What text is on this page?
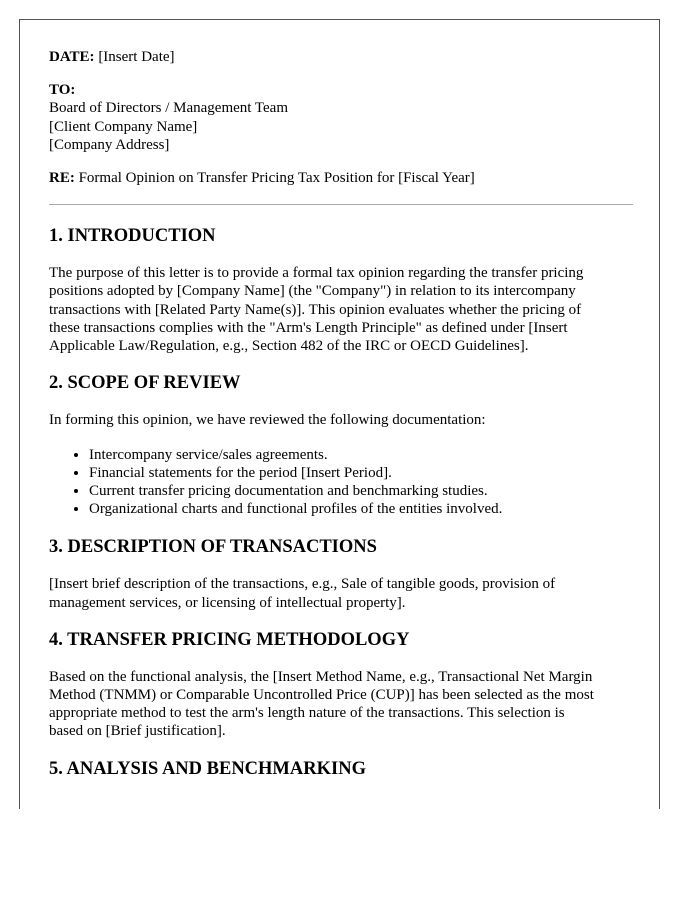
DATE: [Insert Date]
TO:
Board of Directors / Management Team
[Client Company Name]
[Company Address]
RE: Formal Opinion on Transfer Pricing Tax Position for [Fiscal Year]
1. INTRODUCTION

The purpose of this letter is to provide a formal tax opinion regarding the transfer pricing
positions adopted by [Company Name] (the "Company") in relation to its intercompany
transactions with [Related Party Name(s)]. This opinion evaluates whether the pricing of
these transactions complies with the "Arm's Length Principle" as defined under [Insert
Applicable Law/Regulation, e.g., Section 482 of the IRC or OECD Guidelines].

2. SCOPE OF REVIEW

In forming this opinion, we have reviewed the following documentation:

• Intercompany service/sales agreements.
• Financial statements for the period [Insert Period].
• Current transfer pricing documentation and benchmarking studies.
• Organizational charts and functional profiles of the entities involved.
3. DESCRIPTION OF TRANSACTIONS

[Insert brief description of the transactions, e.g., Sale of tangible goods, provision of
management services, or licensing of intellectual property].

4. TRANSFER PRICING METHODOLOGY

Based on the functional analysis, the [Insert Method Name, e.g., Transactional Net Margin
Method (TNMM) or Comparable Uncontrolled Price (CUP)] has been selected as the most
appropriate method to test the arm's length nature of the transactions. This selection is
based on [Brief justification].

5. ANALYSIS AND BENCHMARKING
